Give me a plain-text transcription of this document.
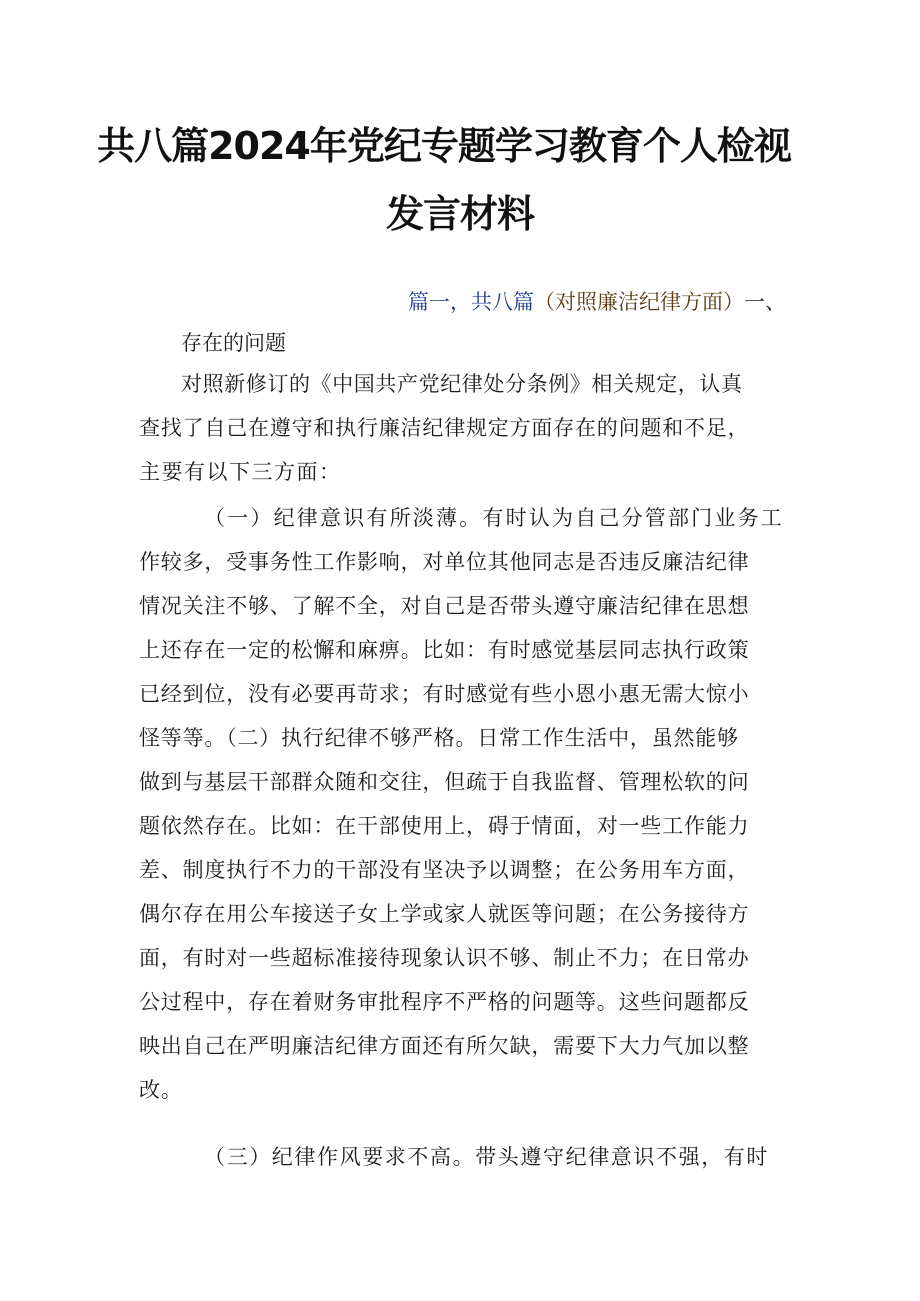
共八篇2024年党纪专题学习教育个人检视
发言材料
篇一，共八篇（对照廉洁纪律方面）一、
存在的问题
对照新修订的《中国共产党纪律处分条例》相关规定，认真
查找了自己在遵守和执行廉洁纪律规定方面存在的问题和不足，
主要有以下三方面：
（一）纪律意识有所淡薄。有时认为自己分管部门业务工
作较多，受事务性工作影响，对单位其他同志是否违反廉洁纪律
情况关注不够、了解不全，对自己是否带头遵守廉洁纪律在思想
上还存在一定的松懈和麻痹。比如：有时感觉基层同志执行政策
已经到位，没有必要再苛求；有时感觉有些小恩小惠无需大惊小
怪等等。（二）执行纪律不够严格。日常工作生活中，虽然能够
做到与基层干部群众随和交往，但疏于自我监督、管理松软的问
题依然存在。比如：在干部使用上，碍于情面，对一些工作能力
差、制度执行不力的干部没有坚决予以调整；在公务用车方面，
偶尔存在用公车接送子女上学或家人就医等问题；在公务接待方
面，有时对一些超标准接待现象认识不够、制止不力；在日常办
公过程中，存在着财务审批程序不严格的问题等。这些问题都反
映出自己在严明廉洁纪律方面还有所欠缺，需要下大力气加以整
改。
（三）纪律作风要求不高。带头遵守纪律意识不强，有时
